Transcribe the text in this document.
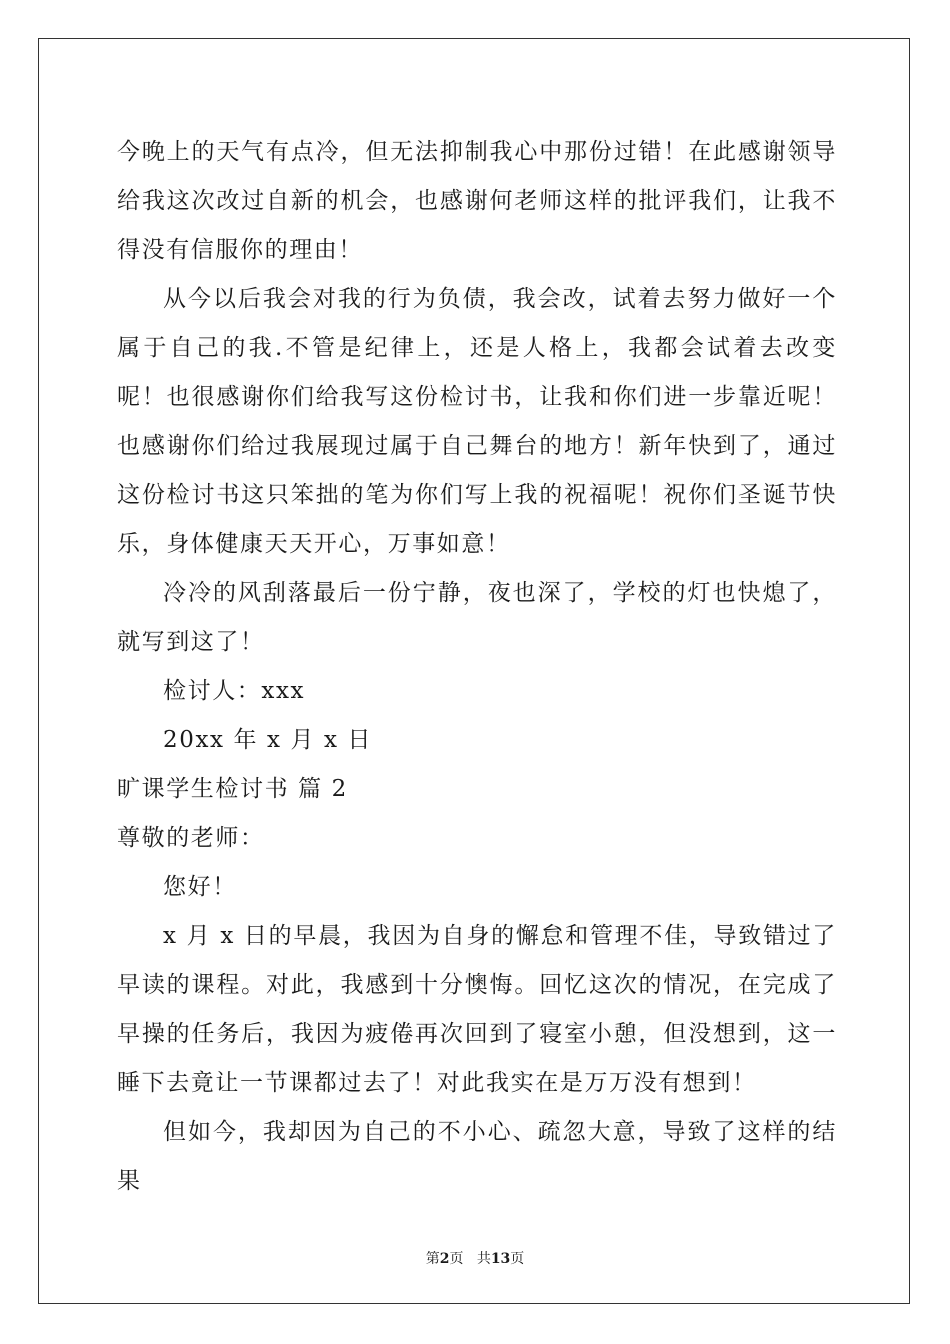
今晚上的天气有点冷，但无法抑制我心中那份过错！在此感谢领导给我这次改过自新的机会，也感谢何老师这样的批评我们，让我不得没有信服你的理由！

从今以后我会对我的行为负债，我会改，试着去努力做好一个属于自己的我.不管是纪律上，还是人格上，我都会试着去改变呢！也很感谢你们给我写这份检讨书，让我和你们进一步靠近呢！也感谢你们给过我展现过属于自己舞台的地方！新年快到了，通过这份检讨书这只笨拙的笔为你们写上我的祝福呢！祝你们圣诞节快乐，身体健康天天开心，万事如意！

冷冷的风刮落最后一份宁静，夜也深了，学校的灯也快熄了，就写到这了！

检讨人：xxx

20xx 年 x 月 x 日

旷课学生检讨书 篇 2

尊敬的老师：

您好！

x 月 x 日的早晨，我因为自身的懈怠和管理不佳，导致错过了早读的课程。对此，我感到十分懊悔。回忆这次的情况，在完成了早操的任务后，我因为疲倦再次回到了寝室小憩，但没想到，这一睡下去竟让一节课都过去了！对此我实在是万万没有想到！

但如今，我却因为自己的不小心、疏忽大意，导致了这样的结果

第2页 共13页
